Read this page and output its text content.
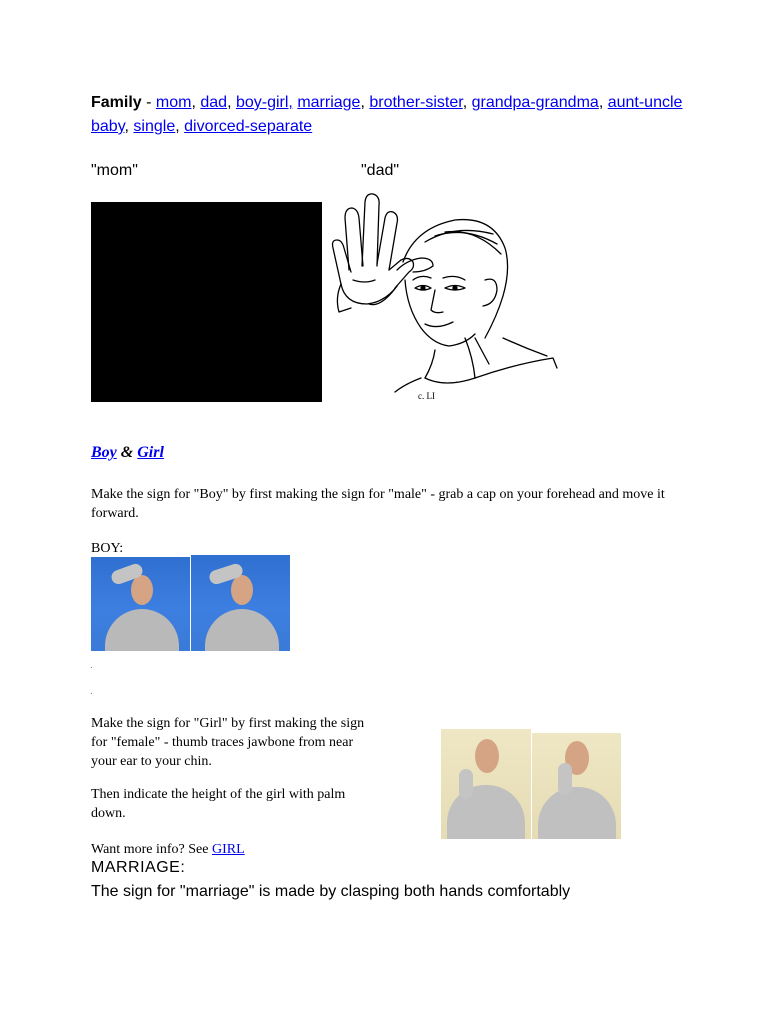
Family - mom, dad, boy-girl, marriage, brother-sister, grandpa-grandma, aunt-uncle
baby, single, divorced-separate
"mom"	"dad"
c. LI
Boy & Girl
Make the sign for "Boy" by first making the sign for "male" - grab a cap on your forehead and move it forward.
BOY:
.
.
Make the sign for "Girl" by first making the sign for "female" - thumb traces jawbone from near your ear to your chin.
Then indicate the height of the girl with palm down.
Want more info? See GIRL
MARRIAGE:
The sign for "marriage" is made by clasping both hands comfortably
